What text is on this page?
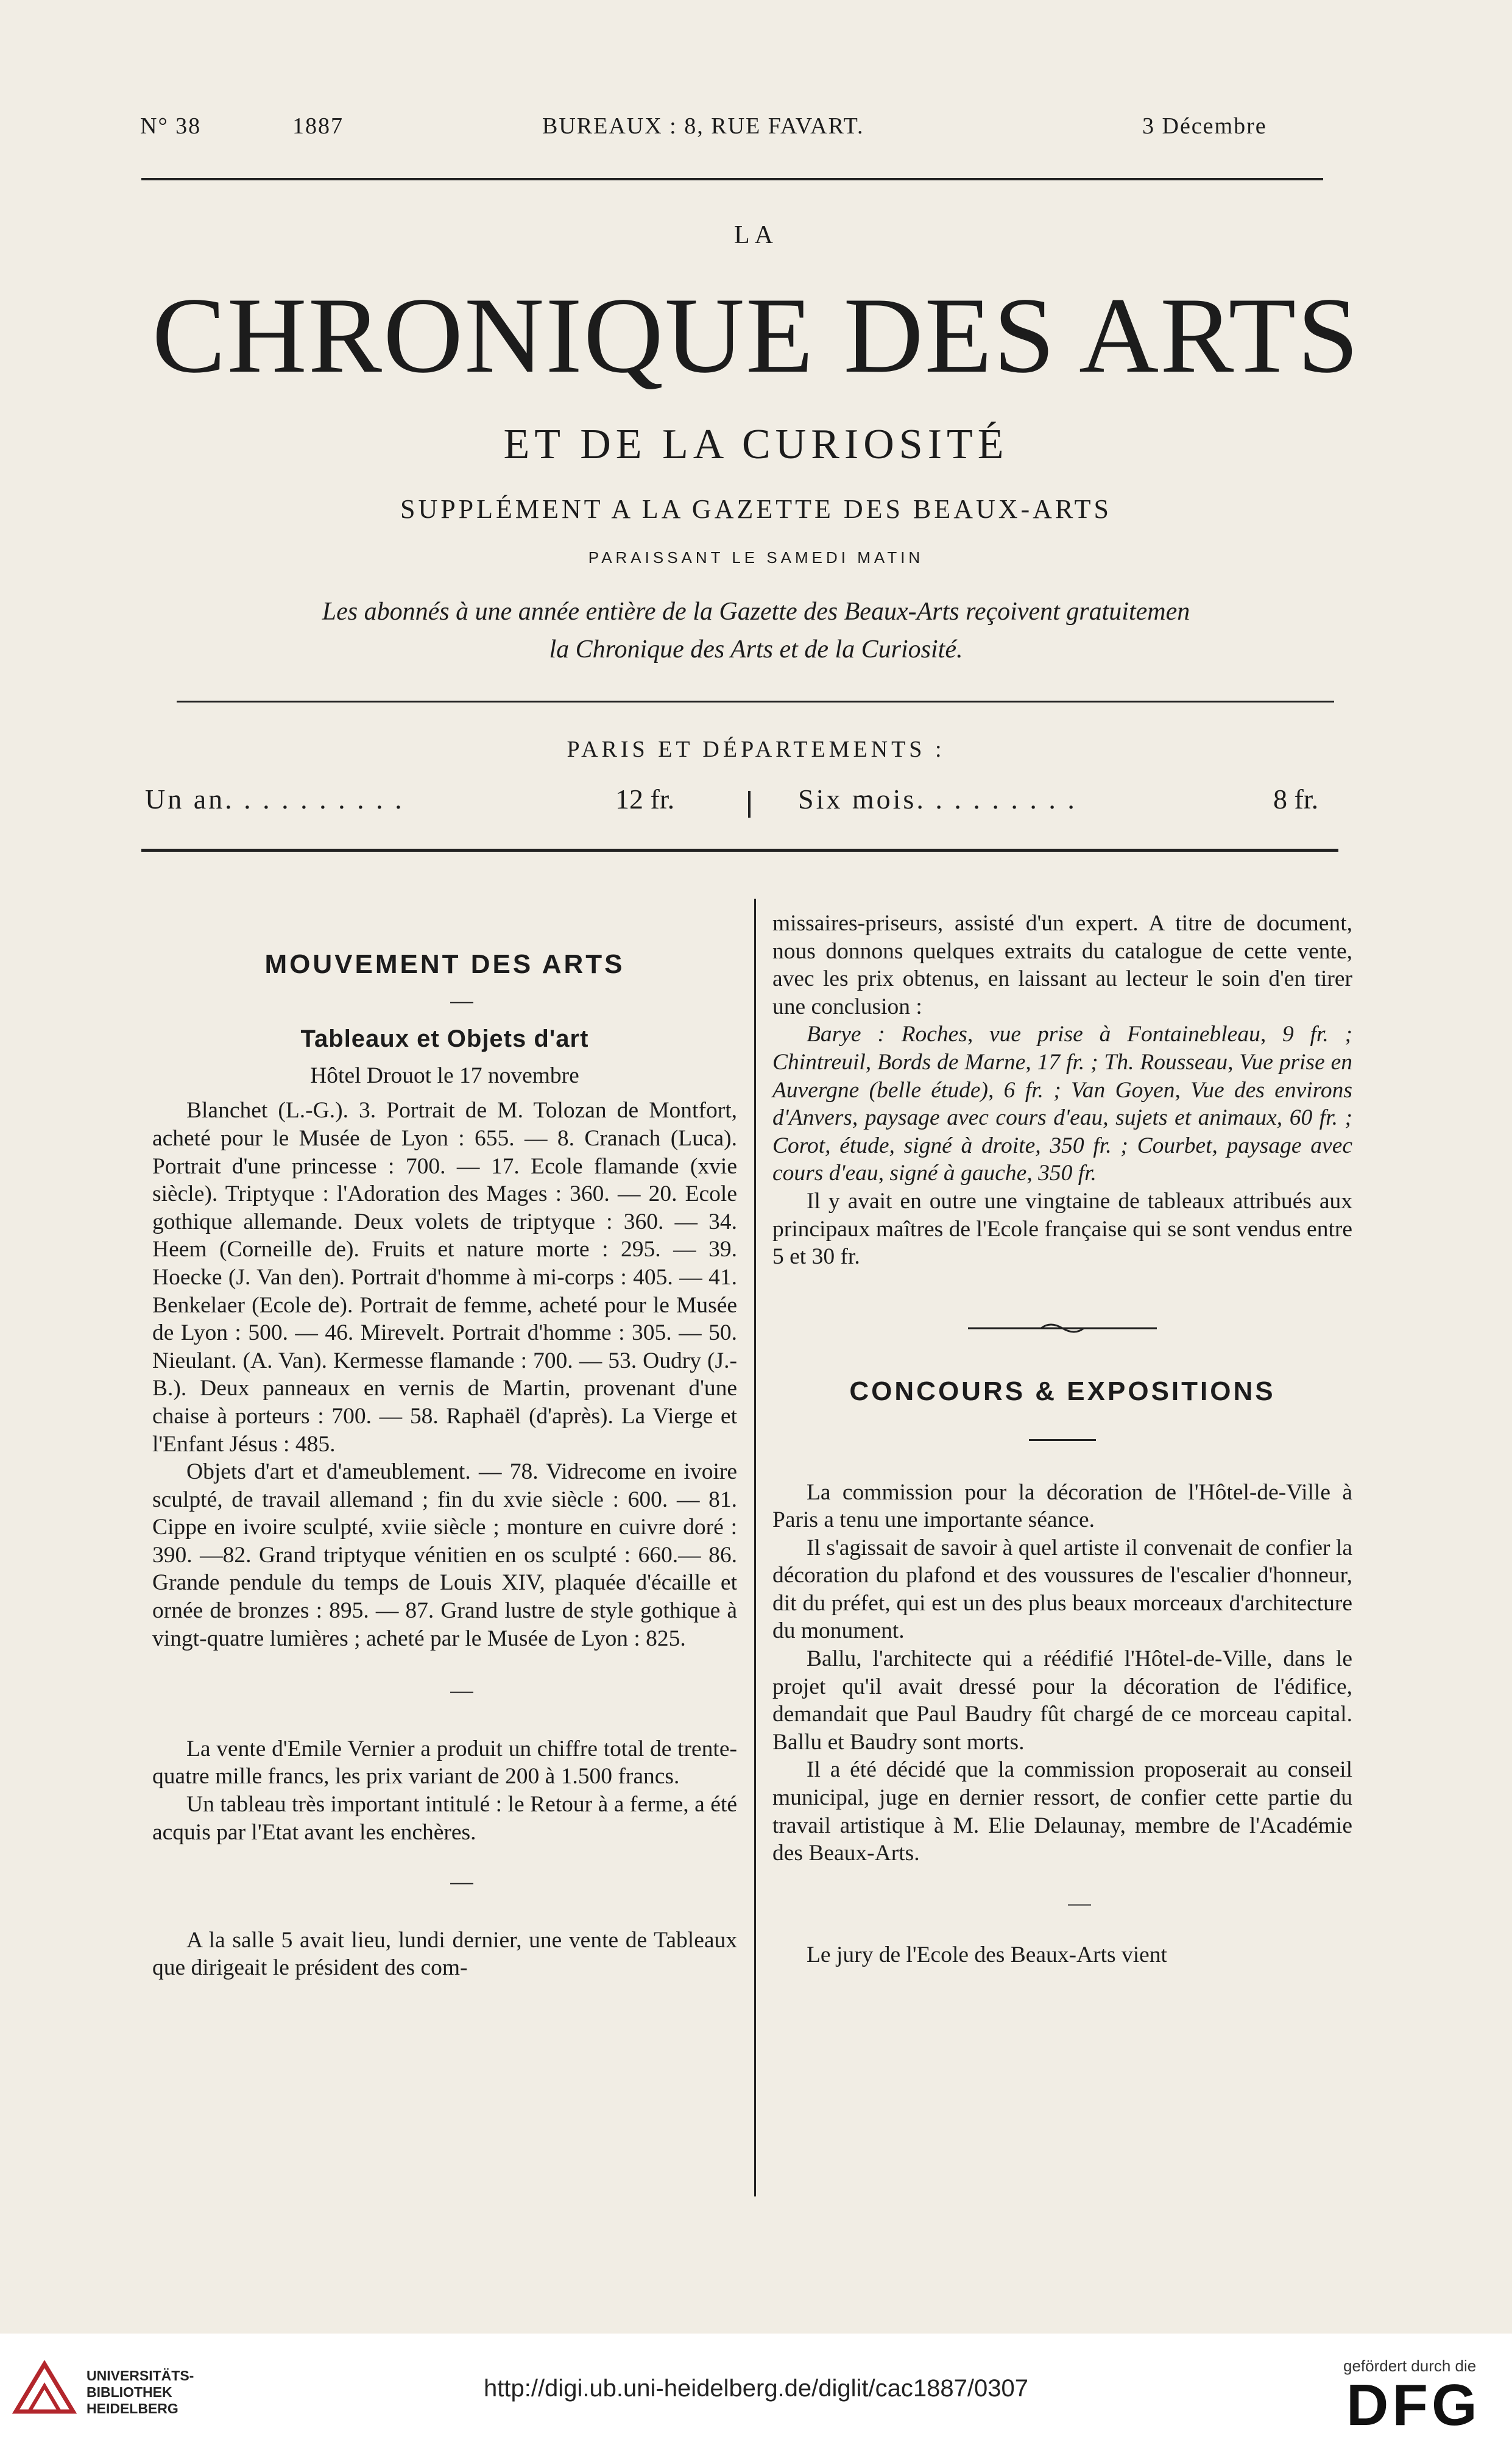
N° 38	1887	BUREAUX : 8, RUE FAVART.	3 Décembre
LA
CHRONIQUE DES ARTS
ET DE LA CURIOSITÉ
SUPPLÉMENT A LA GAZETTE DES BEAUX-ARTS
PARAISSANT LE SAMEDI MATIN
Les abonnés à une année entière de la Gazette des Beaux-Arts reçoivent gratuitemen
la Chronique des Arts et de la Curiosité.
PARIS ET DÉPARTEMENTS :
Un an. . . . . . . . . .	12 fr.	Six mois. . . . . . . . .	8 fr.

MOUVEMENT DES ARTS

—

Tableaux et Objets d'art

Hôtel Drouot le 17 novembre

Blanchet (L.-G.). 3. Portrait de M. Tolozan de Montfort, acheté pour le Musée de Lyon : 655. — 8. Cranach (Luca). Portrait d'une princesse : 700. — 17. Ecole flamande (xvie siècle). Triptyque : l'Adoration des Mages : 360. — 20. Ecole gothique allemande. Deux volets de triptyque : 360. — 34. Heem (Corneille de). Fruits et nature morte : 295. — 39. Hoecke (J. Van den). Portrait d'homme à mi-corps : 405. — 41. Benkelaer (Ecole de). Portrait de femme, acheté pour le Musée de Lyon : 500. — 46. Mirevelt. Portrait d'homme : 305. — 50. Nieulant. (A. Van). Kermesse flamande : 700. — 53. Oudry (J.-B.). Deux panneaux en vernis de Martin, provenant d'une chaise à porteurs : 700. — 58. Raphaël (d'après). La Vierge et l'Enfant Jésus : 485.

Objets d'art et d'ameublement. — 78. Vidrecome en ivoire sculpté, de travail allemand ; fin du xvie siècle : 600. — 81. Cippe en ivoire sculpté, xviie siècle ; monture en cuivre doré : 390. —82. Grand triptyque vénitien en os sculpté : 660.— 86. Grande pendule du temps de Louis XIV, plaquée d'écaille et ornée de bronzes : 895. — 87. Grand lustre de style gothique à vingt-quatre lumières ; acheté par le Musée de Lyon : 825.

—

La vente d'Emile Vernier a produit un chiffre total de trente-quatre mille francs, les prix variant de 200 à 1.500 francs.

Un tableau très important intitulé : le Retour à a ferme, a été acquis par l'Etat avant les enchères.

—

A la salle 5 avait lieu, lundi dernier, une vente de Tableaux que dirigeait le président des com-

missaires-priseurs, assisté d'un expert. A titre de document, nous donnons quelques extraits du catalogue de cette vente, avec les prix obtenus, en laissant au lecteur le soin d'en tirer une conclusion :

Barye : Roches, vue prise à Fontainebleau, 9 fr. ; Chintreuil, Bords de Marne, 17 fr. ; Th. Rousseau, Vue prise en Auvergne (belle étude), 6 fr. ; Van Goyen, Vue des environs d'Anvers, paysage avec cours d'eau, sujets et animaux, 60 fr. ; Corot, étude, signé à droite, 350 fr. ; Courbet, paysage avec cours d'eau, signé à gauche, 350 fr.

Il y avait en outre une vingtaine de tableaux attribués aux principaux maîtres de l'Ecole française qui se sont vendus entre 5 et 30 fr.

CONCOURS & EXPOSITIONS

La commission pour la décoration de l'Hôtel-de-Ville à Paris a tenu une importante séance.

Il s'agissait de savoir à quel artiste il convenait de confier la décoration du plafond et des voussures de l'escalier d'honneur, dit du préfet, qui est un des plus beaux morceaux d'architecture du monument.

Ballu, l'architecte qui a réédifié l'Hôtel-de-Ville, dans le projet qu'il avait dressé pour la décoration de l'édifice, demandait que Paul Baudry fût chargé de ce morceau capital. Ballu et Baudry sont morts.

Il a été décidé que la commission proposerait au conseil municipal, juge en dernier ressort, de confier cette partie du travail artistique à M. Elie Delaunay, membre de l'Académie des Beaux-Arts.

—

Le jury de l'Ecole des Beaux-Arts vient

UNIVERSITÄTS-
BIBLIOTHEK
HEIDELBERG
http://digi.ub.uni-heidelberg.de/diglit/cac1887/0307
gefördert durch die
DFG
